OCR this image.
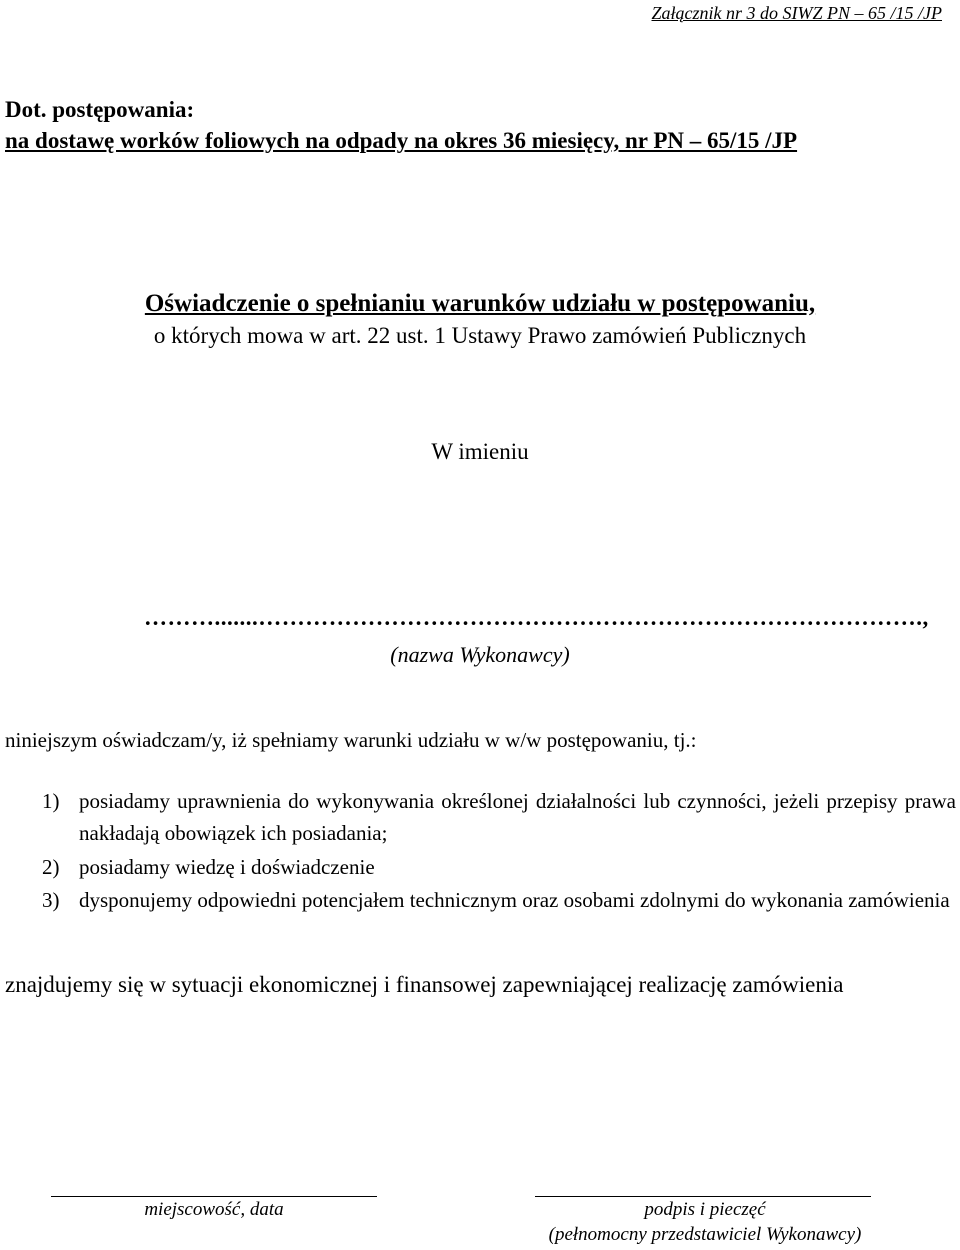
Załącznik nr 3 do SIWZ PN – 65 /15 /JP
Dot. postępowania:
na dostawę worków foliowych na odpady na okres 36 miesięcy, nr PN – 65/15 /JP
Oświadczenie o spełnianiu warunków udziału w postępowaniu,
o których mowa w art. 22 ust. 1 Ustawy Prawo zamówień Publicznych
W imieniu
……….......………………………………………………………………………….,
(nazwa Wykonawcy)
niniejszym oświadczam/y, iż spełniamy warunki udziału w w/w postępowaniu, tj.:
1) posiadamy uprawnienia do wykonywania określonej działalności lub czynności, jeżeli przepisy prawa nakładają obowiązek ich posiadania;
2) posiadamy wiedzę i doświadczenie
3) dysponujemy odpowiedni potencjałem technicznym oraz osobami zdolnymi do wykonania zamówienia
znajdujemy się w sytuacji ekonomicznej i finansowej zapewniającej realizację zamówienia
miejscowość, data	podpis i pieczęć
(pełnomocny przedstawiciel Wykonawcy)
